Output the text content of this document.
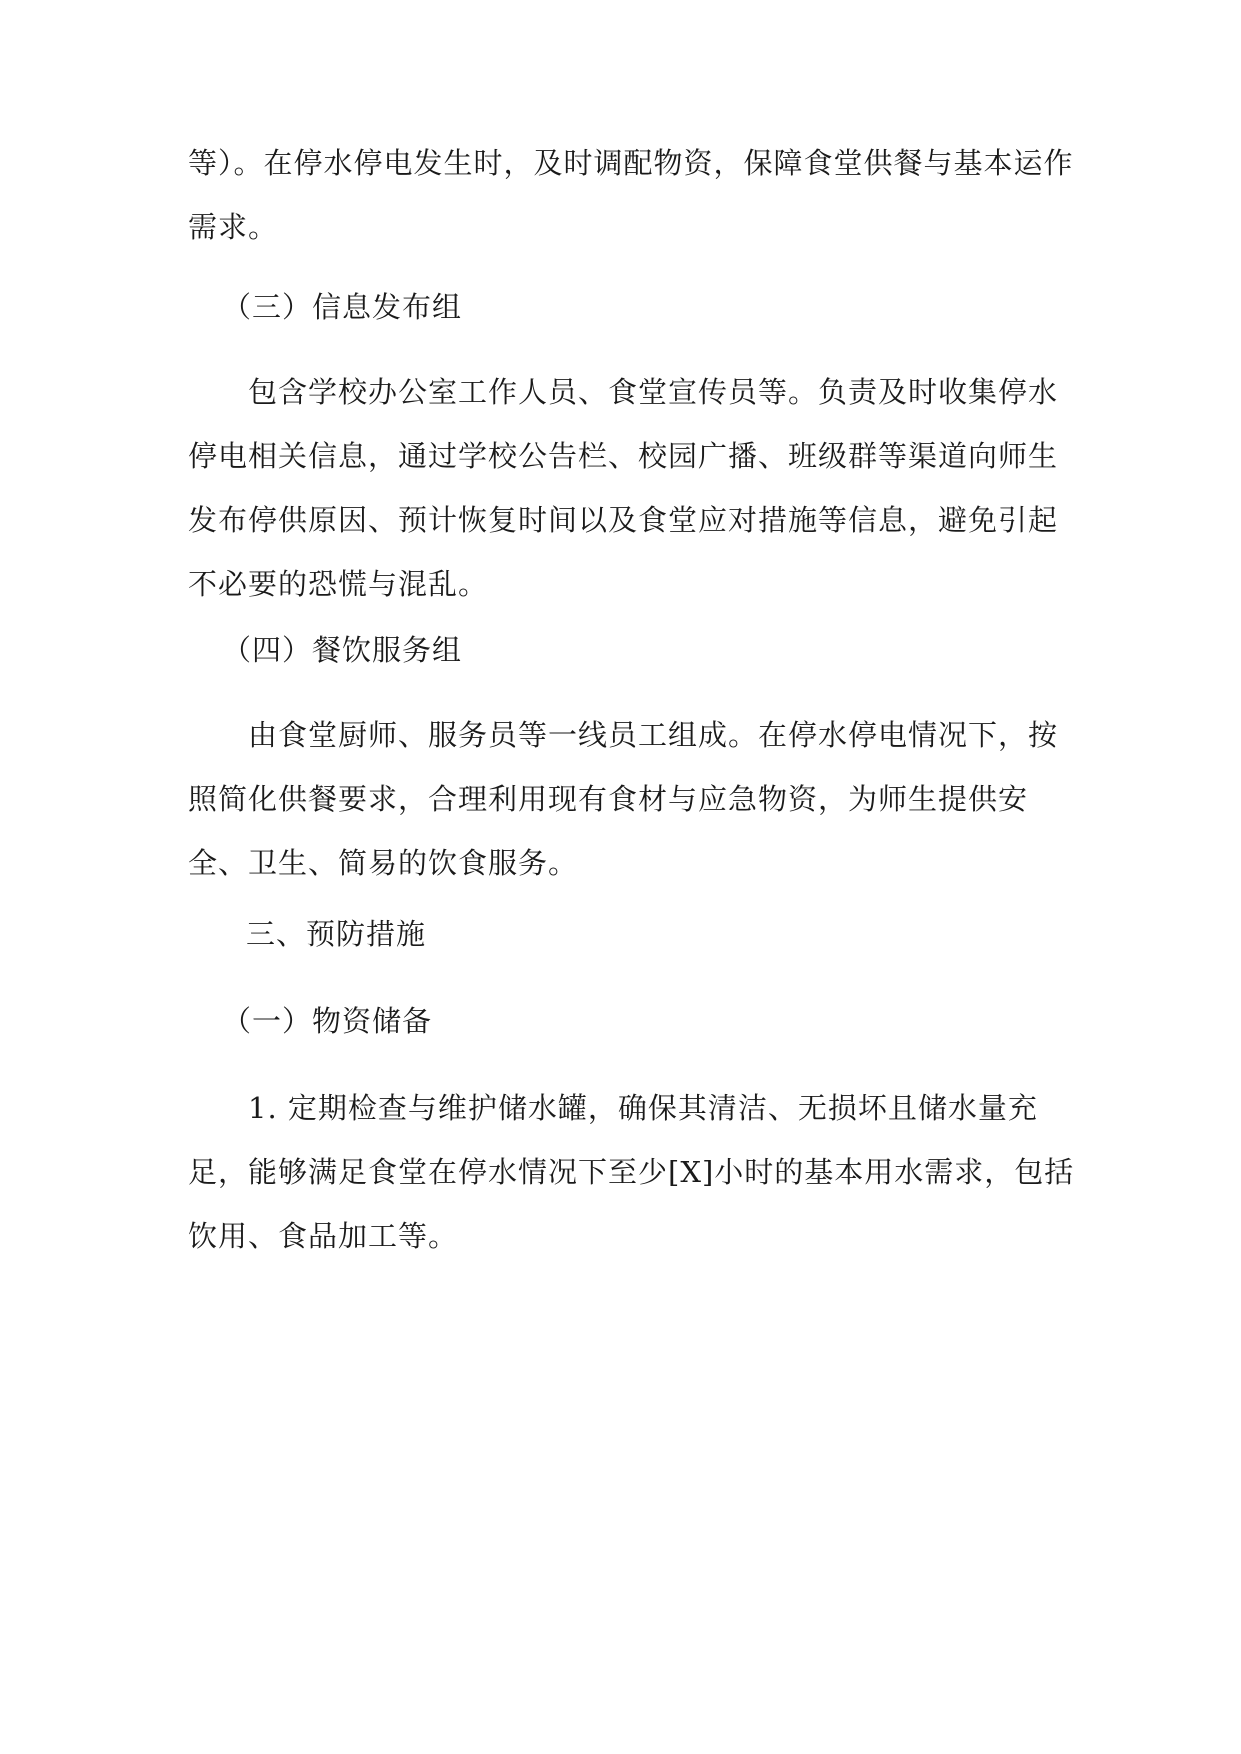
等）。在停水停电发生时，及时调配物资，保障食堂供餐与基本运作需求。

（三）信息发布组

包含学校办公室工作人员、食堂宣传员等。负责及时收集停水停电相关信息，通过学校公告栏、校园广播、班级群等渠道向师生发布停供原因、预计恢复时间以及食堂应对措施等信息，避免引起不必要的恐慌与混乱。

（四）餐饮服务组

由食堂厨师、服务员等一线员工组成。在停水停电情况下，按照简化供餐要求，合理利用现有食材与应急物资，为师生提供安全、卫生、简易的饮食服务。

三、预防措施

（一）物资储备

1. 定期检查与维护储水罐，确保其清洁、无损坏且储水量充足，能够满足食堂在停水情况下至少[X]小时的基本用水需求，包括饮用、食品加工等。
